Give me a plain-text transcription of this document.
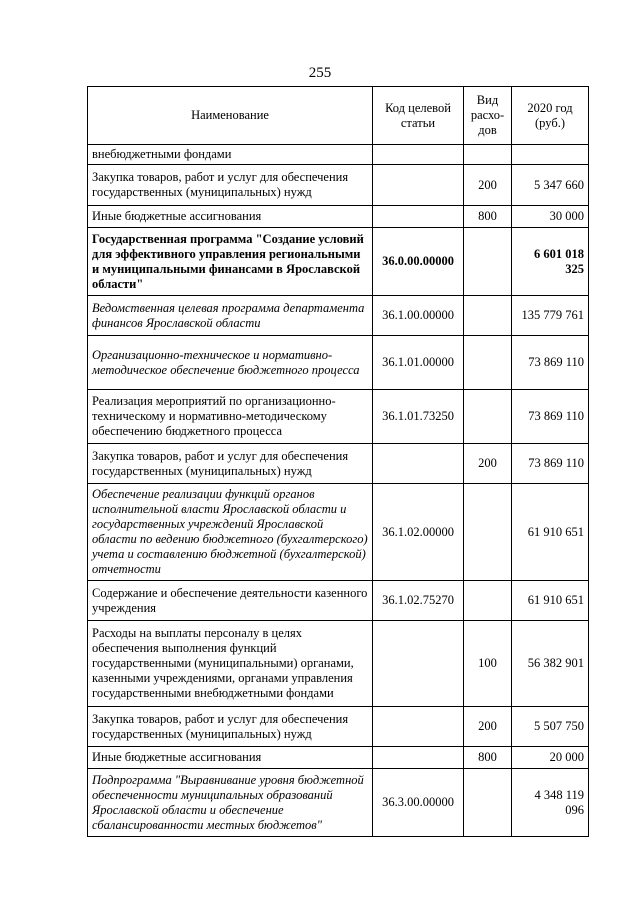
255
Наименование	Код целевой статьи	Вид расхо-дов	2020 год (руб.)
внебюджетными фондами			
Закупка товаров, работ и услуг для обеспечения государственных (муниципальных) нужд		200	5 347 660
Иные бюджетные ассигнования		800	30 000
Государственная программа "Создание условий для эффективного управления региональными и муниципальными финансами в Ярославской области"	36.0.00.00000		6 601 018 325
Ведомственная целевая программа департамента финансов Ярославской области	36.1.00.00000		135 779 761
Организационно-техническое и нормативно-методическое обеспечение бюджетного процесса	36.1.01.00000		73 869 110
Реализация мероприятий по организационно-техническому и нормативно-методическому обеспечению бюджетного процесса	36.1.01.73250		73 869 110
Закупка товаров, работ и услуг для обеспечения государственных (муниципальных) нужд		200	73 869 110
Обеспечение реализации функций органов исполнительной власти Ярославской области и государственных учреждений Ярославской области по ведению бюджетного (бухгалтерского) учета и составлению бюджетной (бухгалтерской) отчетности	36.1.02.00000		61 910 651
Содержание и обеспечение деятельности казенного учреждения	36.1.02.75270		61 910 651
Расходы на выплаты персоналу в целях обеспечения выполнения функций государственными (муниципальными) органами, казенными учреждениями, органами управления государственными внебюджетными фондами		100	56 382 901
Закупка товаров, работ и услуг для обеспечения государственных (муниципальных) нужд		200	5 507 750
Иные бюджетные ассигнования		800	20 000
Подпрограмма "Выравнивание уровня бюджетной обеспеченности муниципальных образований Ярославской области и обеспечение сбалансированности местных бюджетов"	36.3.00.00000		4 348 119 096
